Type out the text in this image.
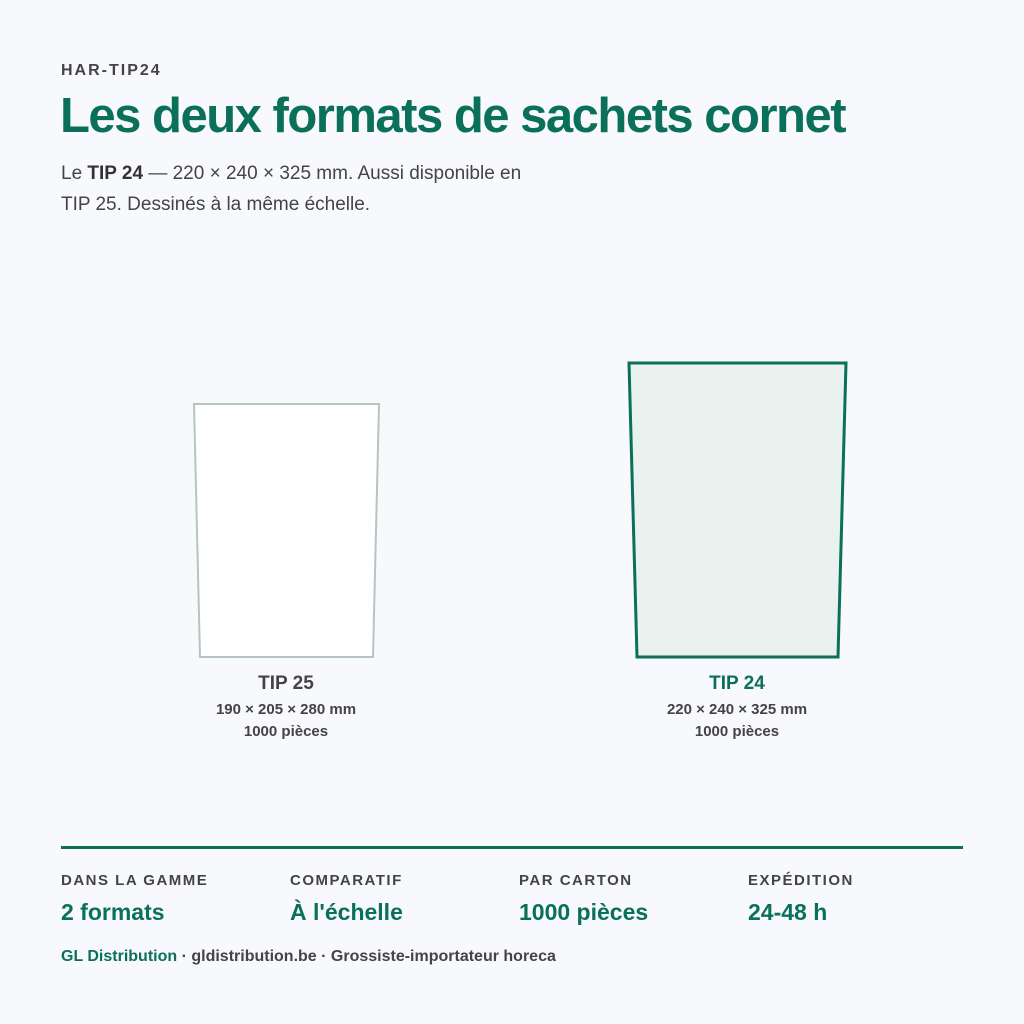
HAR-TIP24
Les deux formats de sachets cornet
Le TIP 24 — 220 × 240 × 325 mm. Aussi disponible en
TIP 25. Dessinés à la même échelle.
TIP 25
190 × 205 × 280 mm
1000 pièces
TIP 24
220 × 240 × 325 mm
1000 pièces
DANS LA GAMME
2 formats
COMPARATIF
À l'échelle
PAR CARTON
1000 pièces
EXPÉDITION
24-48 h
GL Distribution · gldistribution.be · Grossiste-importateur horeca
